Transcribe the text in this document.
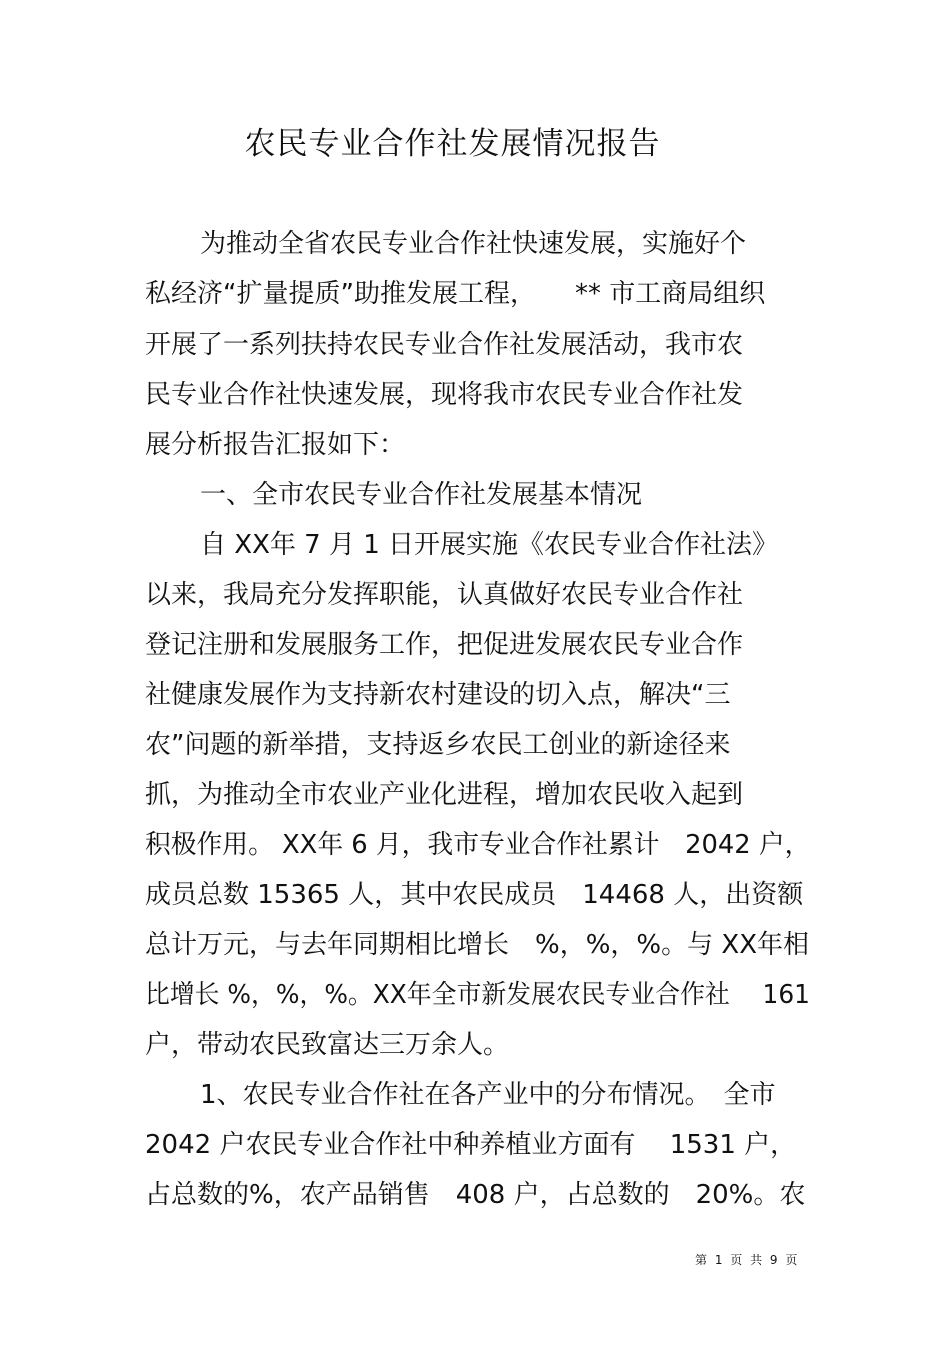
农民专业合作社发展情况报告
为推动全省农民专业合作社快速发展，实施好个
私经济“扩量提质”助推发展工程，　　** 市工商局组织
开展了一系列扶持农民专业合作社发展活动，我市农
民专业合作社快速发展，现将我市农民专业合作社发
展分析报告汇报如下：
一、全市农民专业合作社发展基本情况
自 XX年 7 月 1 日开展实施《农民专业合作社法》
以来，我局充分发挥职能，认真做好农民专业合作社
登记注册和发展服务工作，把促进发展农民专业合作
社健康发展作为支持新农村建设的切入点，解决“三
农”问题的新举措，支持返乡农民工创业的新途径来
抓，为推动全市农业产业化进程，增加农民收入起到
积极作用。 XX年 6 月，我市专业合作社累计　2042 户，
成员总数 15365 人，其中农民成员　14468 人，出资额
总计万元，与去年同期相比增长　%，%，%。与 XX年相
比增长 %，%，%。XX年全市新发展农民专业合作社　 161
户，带动农民致富达三万余人。
1、农民专业合作社在各产业中的分布情况。　全市
2042 户农民专业合作社中种养植业方面有　 1531 户，
占总数的%，农产品销售　408 户，占总数的　20%。农
第 1 页 共 9 页
